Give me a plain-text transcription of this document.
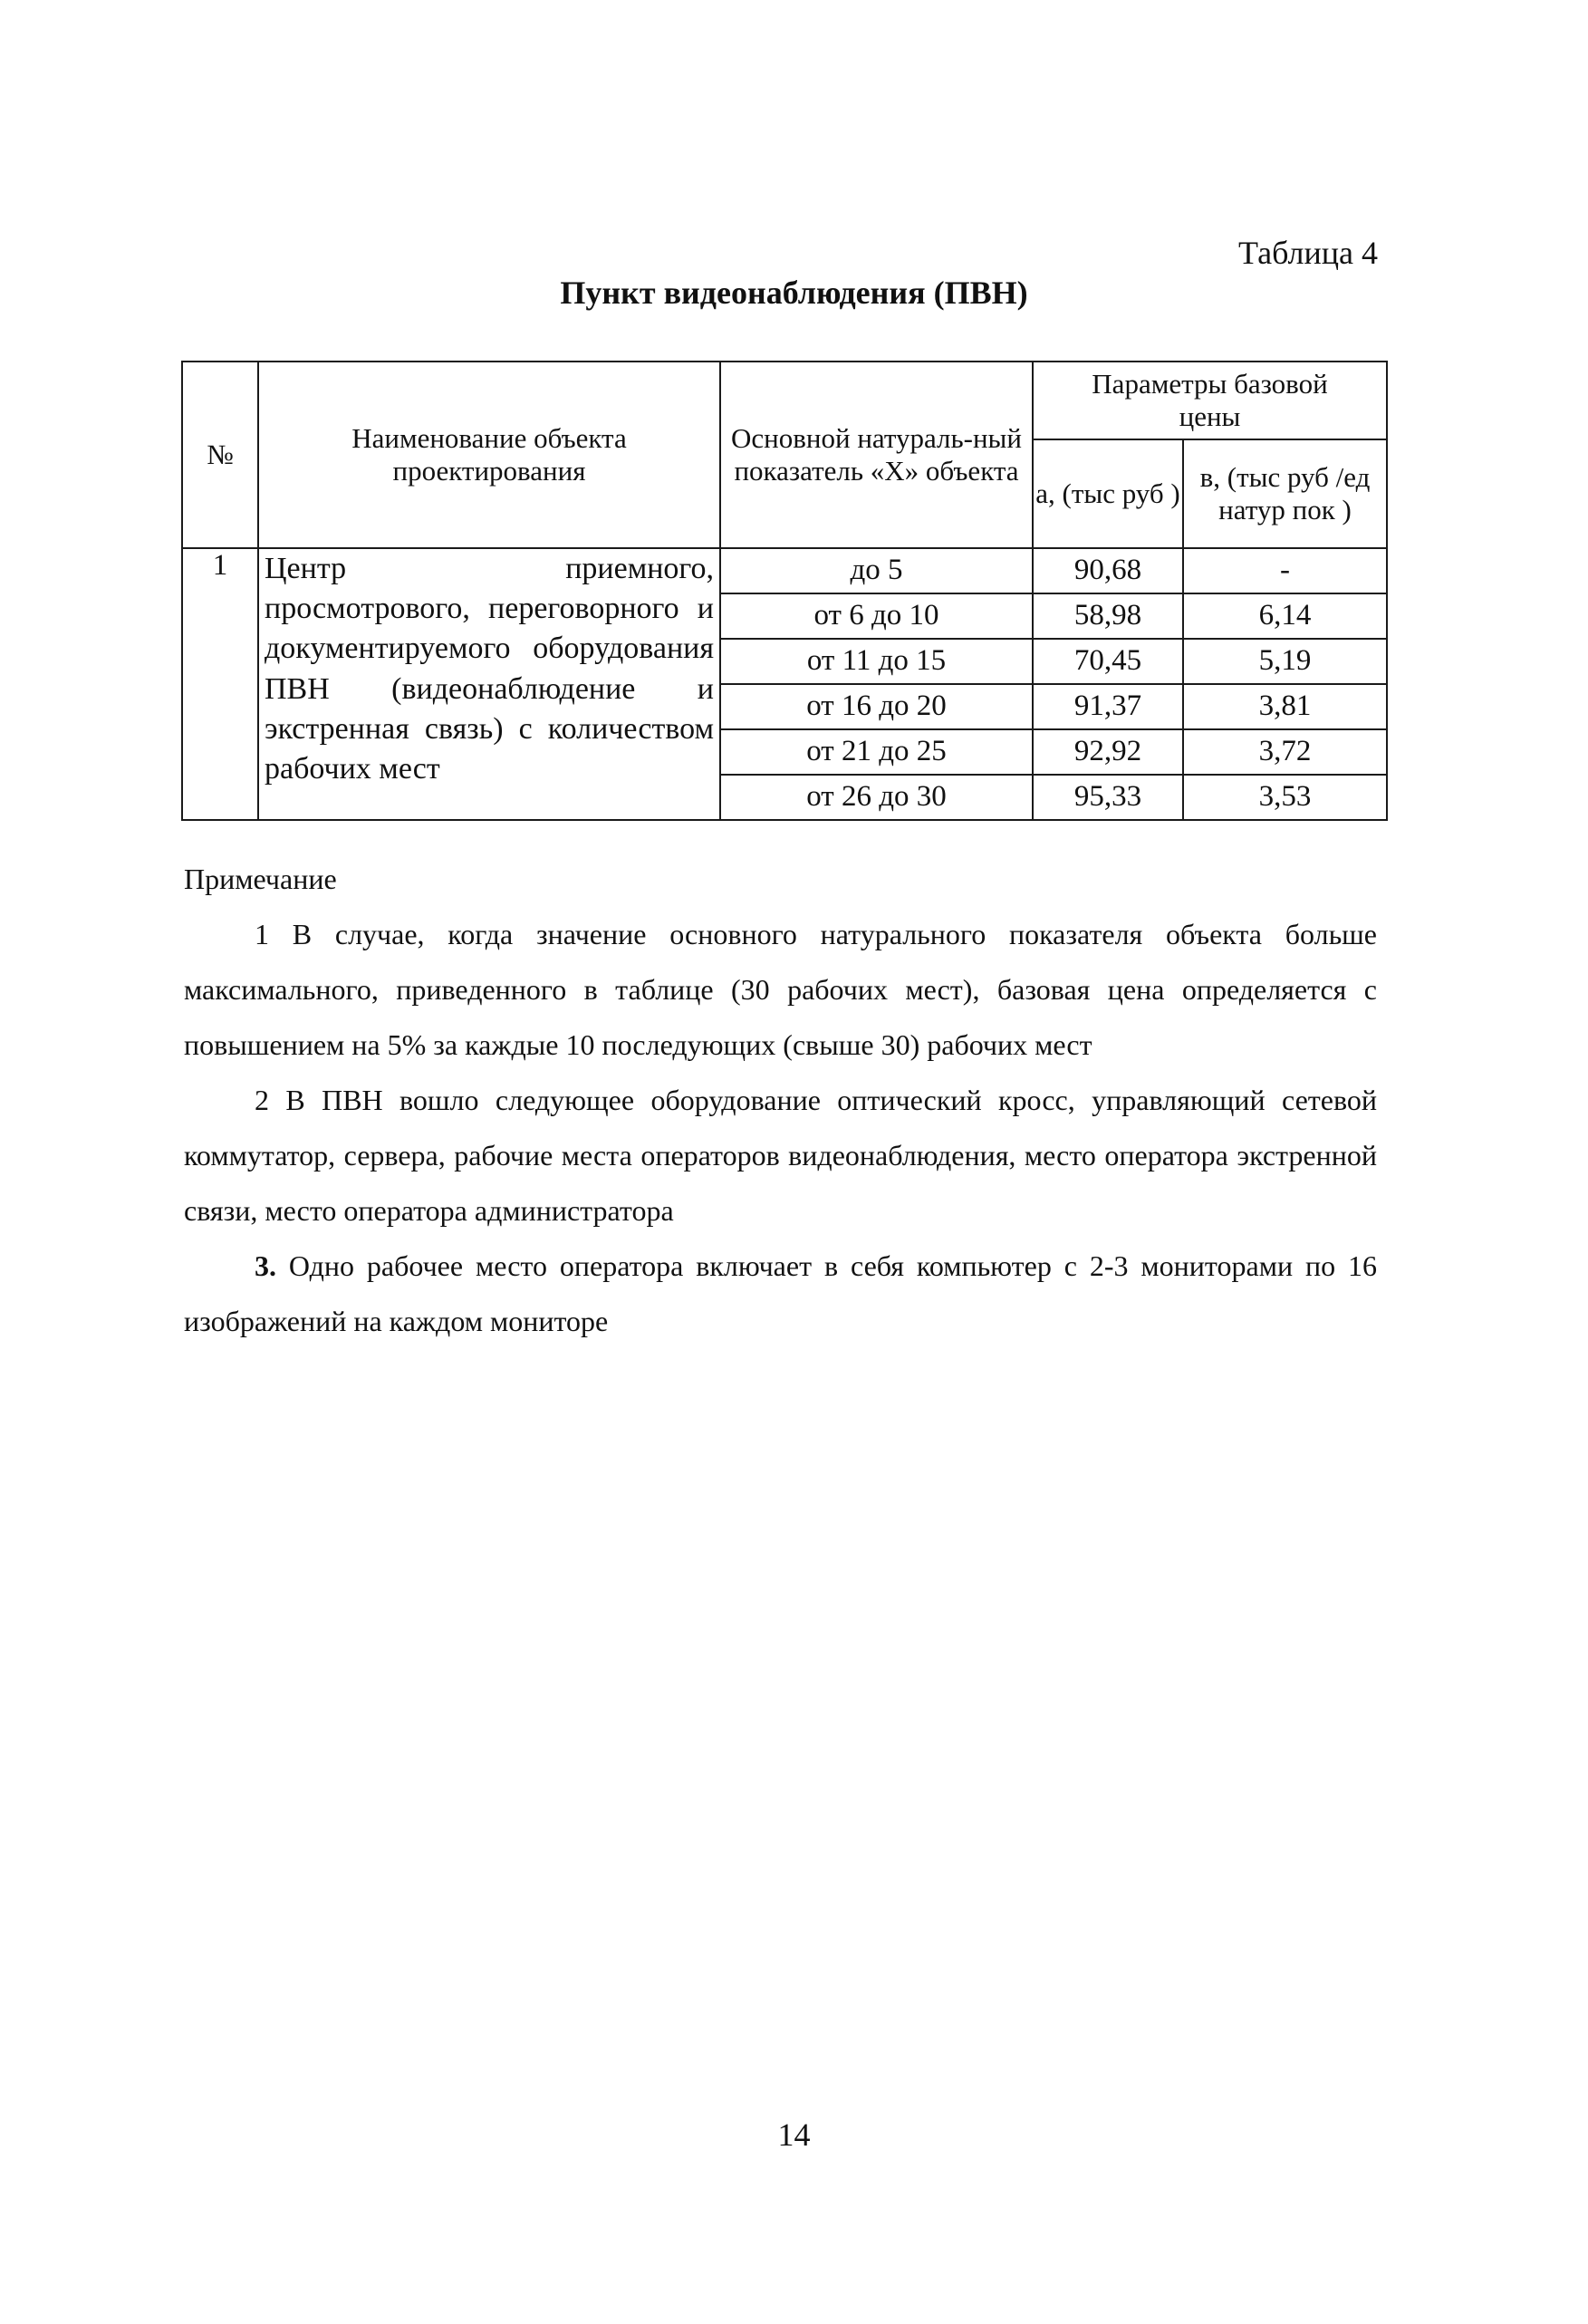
Таблица 4
Пункт видеонаблюдения (ПВН)
№	Наименование объекта проектирования	Основной натураль-ный показатель «X» объекта	Параметры базовой цены	
			а, (тыс руб )	в, (тыс руб /ед натур пок )
1	Центр приемного, просмотрового, переговорного и документируемого оборудования ПВН (видеонаблюдение и экстренная связь) с количеством рабочих мест	до 5	90,68	-
		от 6 до 10	58,98	6,14
		от 11 до 15	70,45	5,19
		от 16 до 20	91,37	3,81
		от 21 до 25	92,92	3,72
		от 26 до 30	95,33	3,53

Примечание

1 В случае, когда значение основного натурального показателя объекта больше максимального, приведенного в таблице (30 рабочих мест), базовая цена определяется с повышением на 5% за каждые 10 последующих (свыше 30) рабочих мест

2 В ПВН вошло следующее оборудование оптический кросс, управляющий сетевой коммутатор, сервера, рабочие места операторов видеонаблюдения, место оператора экстренной связи, место оператора администратора

3. Одно рабочее место оператора включает в себя компьютер с 2-3 мониторами по 16 изображений на каждом мониторе

14
